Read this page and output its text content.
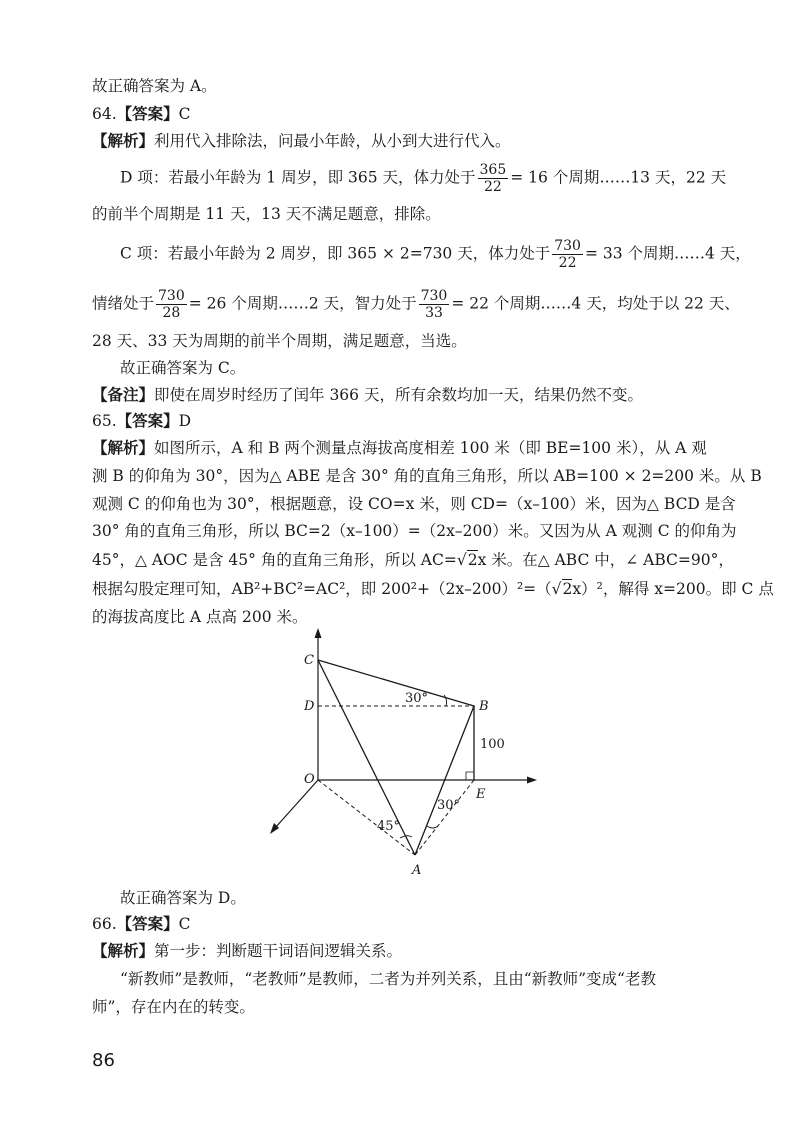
故正确答案为 A。
64.【答案】C
【解析】利用代入排除法，问最小年龄，从小到大进行代入。
D 项：若最小年龄为 1 周岁，即 365 天，体力处于 $\frac{365}{22} = 16$ 个周期……13 天，22 天
的前半个周期是 11 天，13 天不满足题意，排除。
C 项：若最小年龄为 2 周岁，即 365 × 2=730 天，体力处于 $\frac{730}{22} = 33$ 个周期……4 天，
情绪处于 $\frac{730}{28} = 26$ 个周期……2 天，智力处于 $\frac{730}{33} = 22$ 个周期……4 天，均处于以 22 天、
28 天、33 天为周期的前半个周期，满足题意，当选。
故正确答案为 C。
【备注】即使在周岁时经历了闰年 366 天，所有余数均加一天，结果仍然不变。
65.【答案】D
【解析】如图所示，A 和 B 两个测量点海拔高度相差 100 米（即 BE=100 米），从 A 观
测 B 的仰角为 30°，因为△ ABE 是含 30° 角的直角三角形，所以 AB=100 × 2=200 米。从 B
观测 C 的仰角也为 30°，根据题意，设 CO=x 米，则 CD=（x–100）米，因为△ BCD 是含
30° 角的直角三角形，所以 BC=2（x–100）=（2x–200）米。又因为从 A 观测 C 的仰角为
45°，△ AOC 是含 45° 角的直角三角形，所以 AC=√2x 米。在△ ABC 中，∠ ABC=90°，
根据勾股定理可知，AB²+BC²=AC²，即 200²+（2x–200）²=（√2x）²，解得 x=200。即 C 点
的海拔高度比 A 点高 200 米。
C
D	B
O
E
A
30°
30°
45°
100
故正确答案为 D。
66.【答案】C
【解析】第一步：判断题干词语间逻辑关系。
“新教师”是教师，“老教师”是教师，二者为并列关系，且由“新教师”变成“老教
师”，存在内在的转变。
86
